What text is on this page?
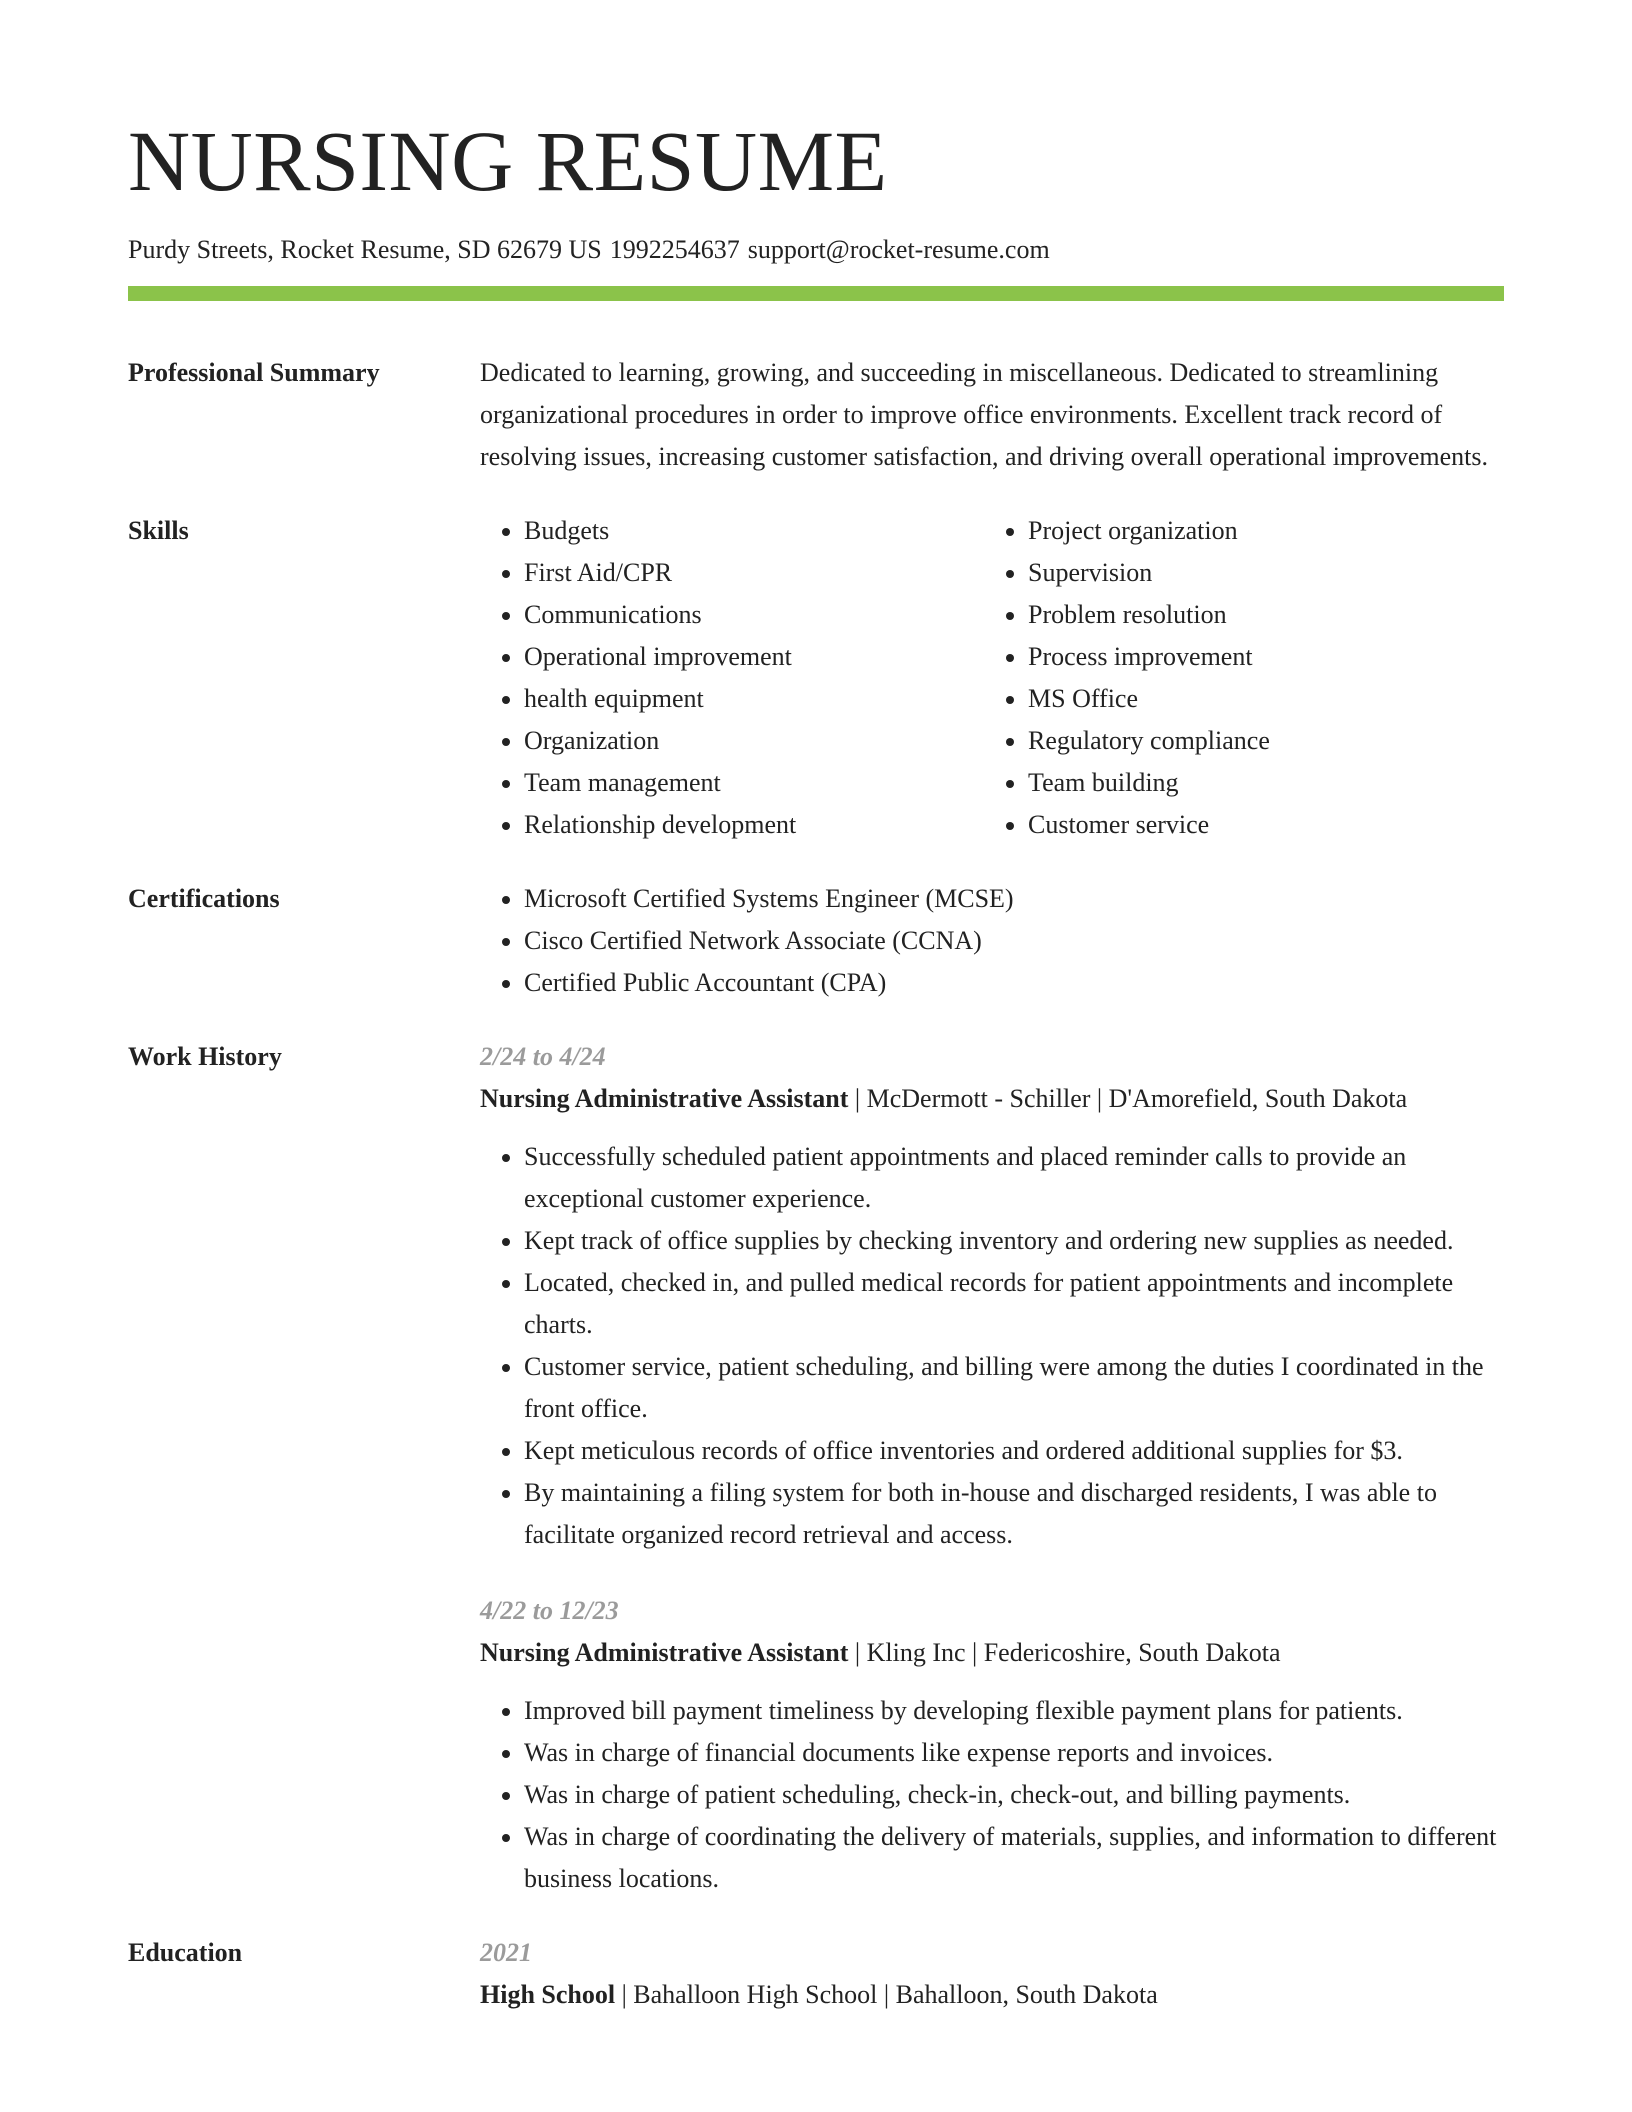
NURSING RESUME
Purdy Streets, Rocket Resume, SD 62679 US 1992254637 support@rocket-resume.com
Professional Summary	Dedicated to learning, growing, and succeeding in miscellaneous. Dedicated to streamlining organizational procedures in order to improve office environments. Excellent track record of resolving issues, increasing customer satisfaction, and driving overall operational improvements.

Skills	• Budgets
• First Aid/CPR
• Communications
• Operational improvement
• health equipment
• Organization
• Team management
• Relationship development
• Project organization
• Supervision
• Problem resolution
• Process improvement
• MS Office
• Regulatory compliance
• Team building
• Customer service
Certifications	• Microsoft Certified Systems Engineer (MCSE)
• Cisco Certified Network Associate (CCNA)
• Certified Public Accountant (CPA)
Work History	2/24 to 4/24
Nursing Administrative Assistant | McDermott - Schiller | D'Amorefield, South Dakota
• Successfully scheduled patient appointments and placed reminder calls to provide an exceptional customer experience.
• Kept track of office supplies by checking inventory and ordering new supplies as needed.
• Located, checked in, and pulled medical records for patient appointments and incomplete charts.
• Customer service, patient scheduling, and billing were among the duties I coordinated in the front office.
• Kept meticulous records of office inventories and ordered additional supplies for $3.
• By maintaining a filing system for both in-house and discharged residents, I was able to facilitate organized record retrieval and access.
4/22 to 12/23
Nursing Administrative Assistant | Kling Inc | Federicoshire, South Dakota
• Improved bill payment timeliness by developing flexible payment plans for patients.
• Was in charge of financial documents like expense reports and invoices.
• Was in charge of patient scheduling, check-in, check-out, and billing payments.
• Was in charge of coordinating the delivery of materials, supplies, and information to different business locations.
Education	2021
High School | Bahalloon High School | Bahalloon, South Dakota
